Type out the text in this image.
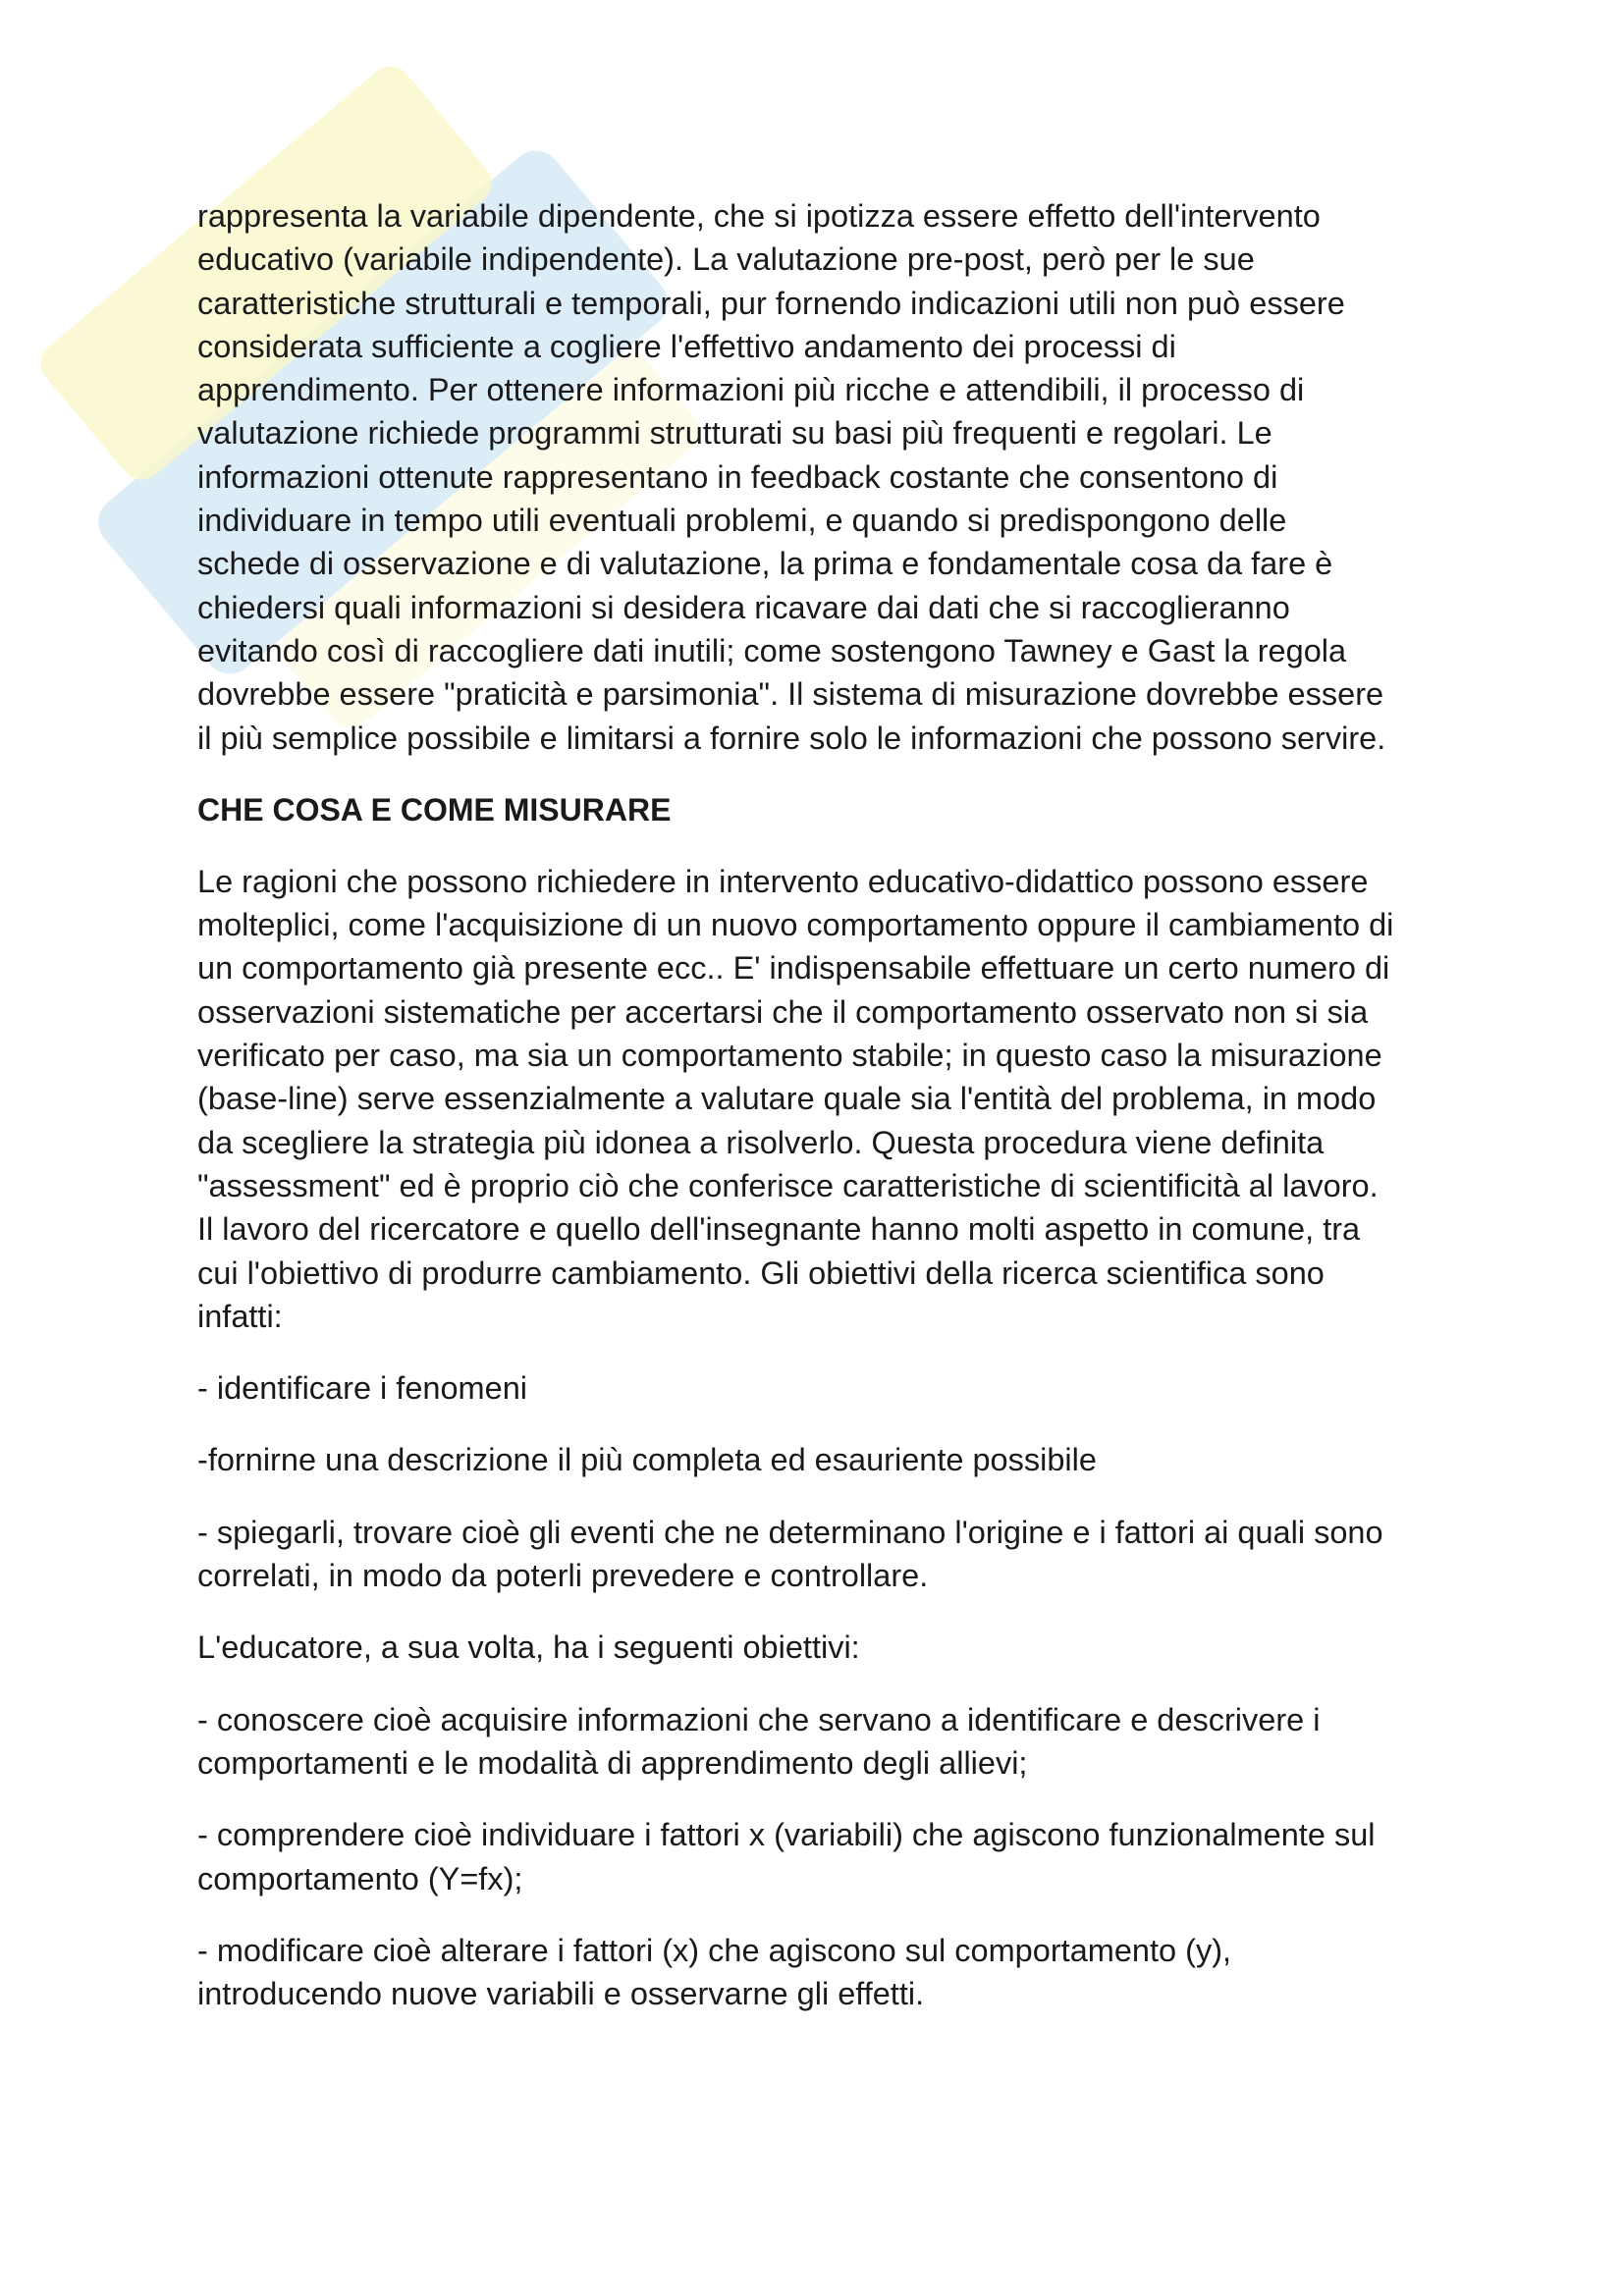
rappresenta la variabile dipendente, che si ipotizza essere effetto dell'intervento
educativo (variabile indipendente). La valutazione pre-post, però per le sue
caratteristiche strutturali e temporali, pur fornendo indicazioni utili non può essere
considerata sufficiente a cogliere l'effettivo andamento dei processi di
apprendimento. Per ottenere informazioni più ricche e attendibili, il processo di
valutazione richiede programmi strutturati su basi più frequenti e regolari. Le
informazioni ottenute rappresentano in feedback costante che consentono di
individuare in tempo utili eventuali problemi, e quando si predispongono delle
schede di osservazione e di valutazione, la prima e fondamentale cosa da fare è
chiedersi quali informazioni si desidera ricavare dai dati che si raccoglieranno
evitando così di raccogliere dati inutili; come sostengono Tawney e Gast la regola
dovrebbe essere "praticità e parsimonia". Il sistema di misurazione dovrebbe essere
il più semplice possibile e limitarsi a fornire solo le informazioni che possono servire.

CHE COSA E COME MISURARE

Le ragioni che possono richiedere in intervento educativo-didattico possono essere
molteplici, come l'acquisizione di un nuovo comportamento oppure il cambiamento di
un comportamento già presente ecc.. E' indispensabile effettuare un certo numero di
osservazioni sistematiche per accertarsi che il comportamento osservato non si sia
verificato per caso, ma sia un comportamento stabile; in questo caso la misurazione
(base-line) serve essenzialmente a valutare quale sia l'entità del problema, in modo
da scegliere la strategia più idonea a risolverlo. Questa procedura viene definita
"assessment" ed è proprio ciò che conferisce caratteristiche di scientificità al lavoro.
Il lavoro del ricercatore e quello dell'insegnante hanno molti aspetto in comune, tra
cui l'obiettivo di produrre cambiamento. Gli obiettivi della ricerca scientifica sono
infatti:

- identificare i fenomeni

-fornirne una descrizione il più completa ed esauriente possibile

- spiegarli, trovare cioè gli eventi che ne determinano l'origine e i fattori ai quali sono
correlati, in modo da poterli prevedere e controllare.

L'educatore, a sua volta, ha i seguenti obiettivi:

- conoscere cioè acquisire informazioni che servano a identificare e descrivere i
comportamenti e le modalità di apprendimento degli allievi;

- comprendere cioè individuare i fattori x (variabili) che agiscono funzionalmente sul
comportamento (Y=fx);

- modificare cioè alterare i fattori (x) che agiscono sul comportamento (y),
introducendo nuove variabili e osservarne gli effetti.
